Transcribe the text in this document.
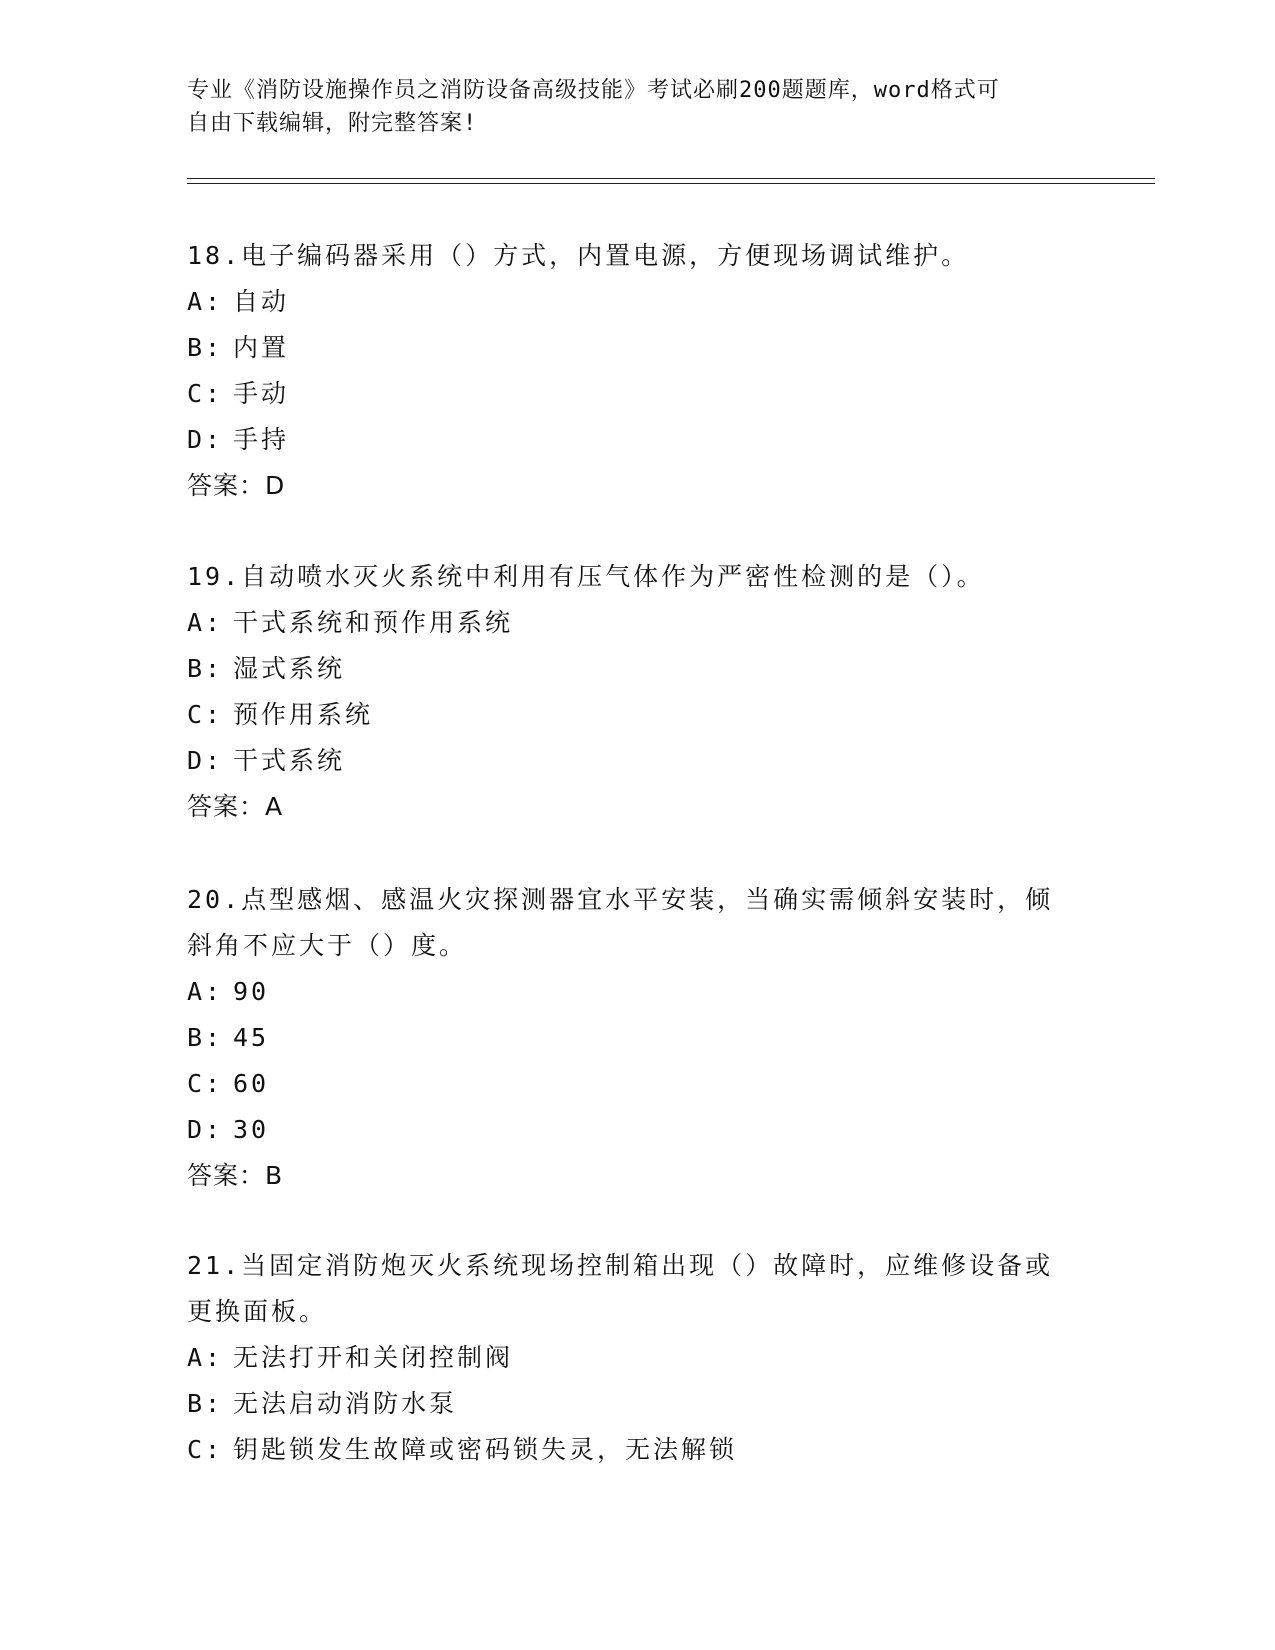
专业《消防设施操作员之消防设备高级技能》考试必刷200题题库，word格式可
自由下载编辑，附完整答案!

18.电子编码器采用（）方式，内置电源，方便现场调试维护。

A: 自动

B: 内置

C: 手动

D: 手持

答案：D

19.自动喷水灭火系统中利用有压气体作为严密性检测的是（）。

A: 干式系统和预作用系统

B: 湿式系统

C: 预作用系统

D: 干式系统

答案：A

20.点型感烟、感温火灾探测器宜水平安装，当确实需倾斜安装时，倾斜角不应大于（）度。

A: 90

B: 45

C: 60

D: 30

答案：B

21.当固定消防炮灭火系统现场控制箱出现（）故障时，应维修设备或更换面板。

A: 无法打开和关闭控制阀

B: 无法启动消防水泵

C: 钥匙锁发生故障或密码锁失灵，无法解锁
